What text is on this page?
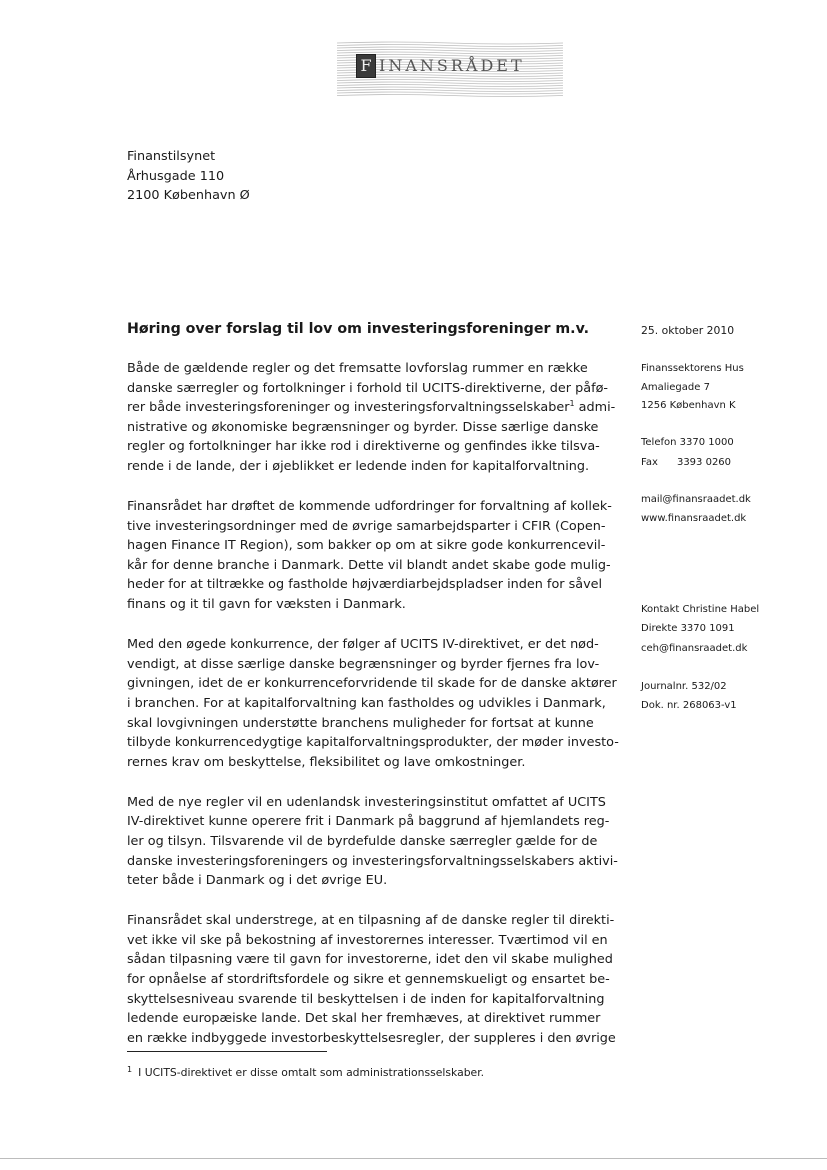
F INANSRÅDET
Finanstilsynet
Århusgade 110
2100 København Ø
Høring over forslag til lov om investeringsforeninger m.v.
Både de gældende regler og det fremsatte lovforslag rummer en række
danske særregler og fortolkninger i forhold til UCITS-direktiverne, der påfø-
rer både investeringsforeninger og investeringsforvaltningsselskaber$^1$ admi-
nistrative og økonomiske begrænsninger og byrder. Disse særlige danske
regler og fortolkninger har ikke rod i direktiverne og genfindes ikke tilsva-
rende i de lande, der i øjeblikket er ledende inden for kapitalforvaltning.
Finansrådet har drøftet de kommende udfordringer for forvaltning af kollek-
tive investeringsordninger med de øvrige samarbejdsparter i CFIR (Copen-
hagen Finance IT Region), som bakker op om at sikre gode konkurrencevil-
kår for denne branche i Danmark. Dette vil blandt andet skabe gode mulig-
heder for at tiltrække og fastholde højværdiarbejdspladser inden for såvel
finans og it til gavn for væksten i Danmark.
Med den øgede konkurrence, der følger af UCITS IV-direktivet, er det nød-
vendigt, at disse særlige danske begrænsninger og byrder fjernes fra lov-
givningen, idet de er konkurrenceforvridende til skade for de danske aktører
i branchen. For at kapitalforvaltning kan fastholdes og udvikles i Danmark,
skal lovgivningen understøtte branchens muligheder for fortsat at kunne
tilbyde konkurrencedygtige kapitalforvaltningsprodukter, der møder investo-
rernes krav om beskyttelse, fleksibilitet og lave omkostninger.
Med de nye regler vil en udenlandsk investeringsinstitut omfattet af UCITS
IV-direktivet kunne operere frit i Danmark på baggrund af hjemlandets reg-
ler og tilsyn. Tilsvarende vil de byrdefulde danske særregler gælde for de
danske investeringsforeningers og investeringsforvaltningsselskabers aktivi-
teter både i Danmark og i det øvrige EU.
Finansrådet skal understrege, at en tilpasning af de danske regler til direkti-
vet ikke vil ske på bekostning af investorernes interesser. Tværtimod vil en
sådan tilpasning være til gavn for investorerne, idet den vil skabe mulighed
for opnåelse af stordriftsfordele og sikre et gennemskueligt og ensartet be-
skyttelsesniveau svarende til beskyttelsen i de inden for kapitalforvaltning
ledende europæiske lande. Det skal her fremhæves, at direktivet rummer
en række indbyggede investorbeskyttelsesregler, der suppleres i den øvrige
25. oktober 2010
Finanssektorens Hus
Amaliegade 7
1256 København K
Telefon 3370 1000
Fax      3393 0260
mail@finansraadet.dk
www.finansraadet.dk
Kontakt Christine Habel
Direkte 3370 1091
ceh@finansraadet.dk
Journalnr. 532/02
Dok. nr. 268063-v1
$^1$ I UCITS-direktivet er disse omtalt som administrationsselskaber.
